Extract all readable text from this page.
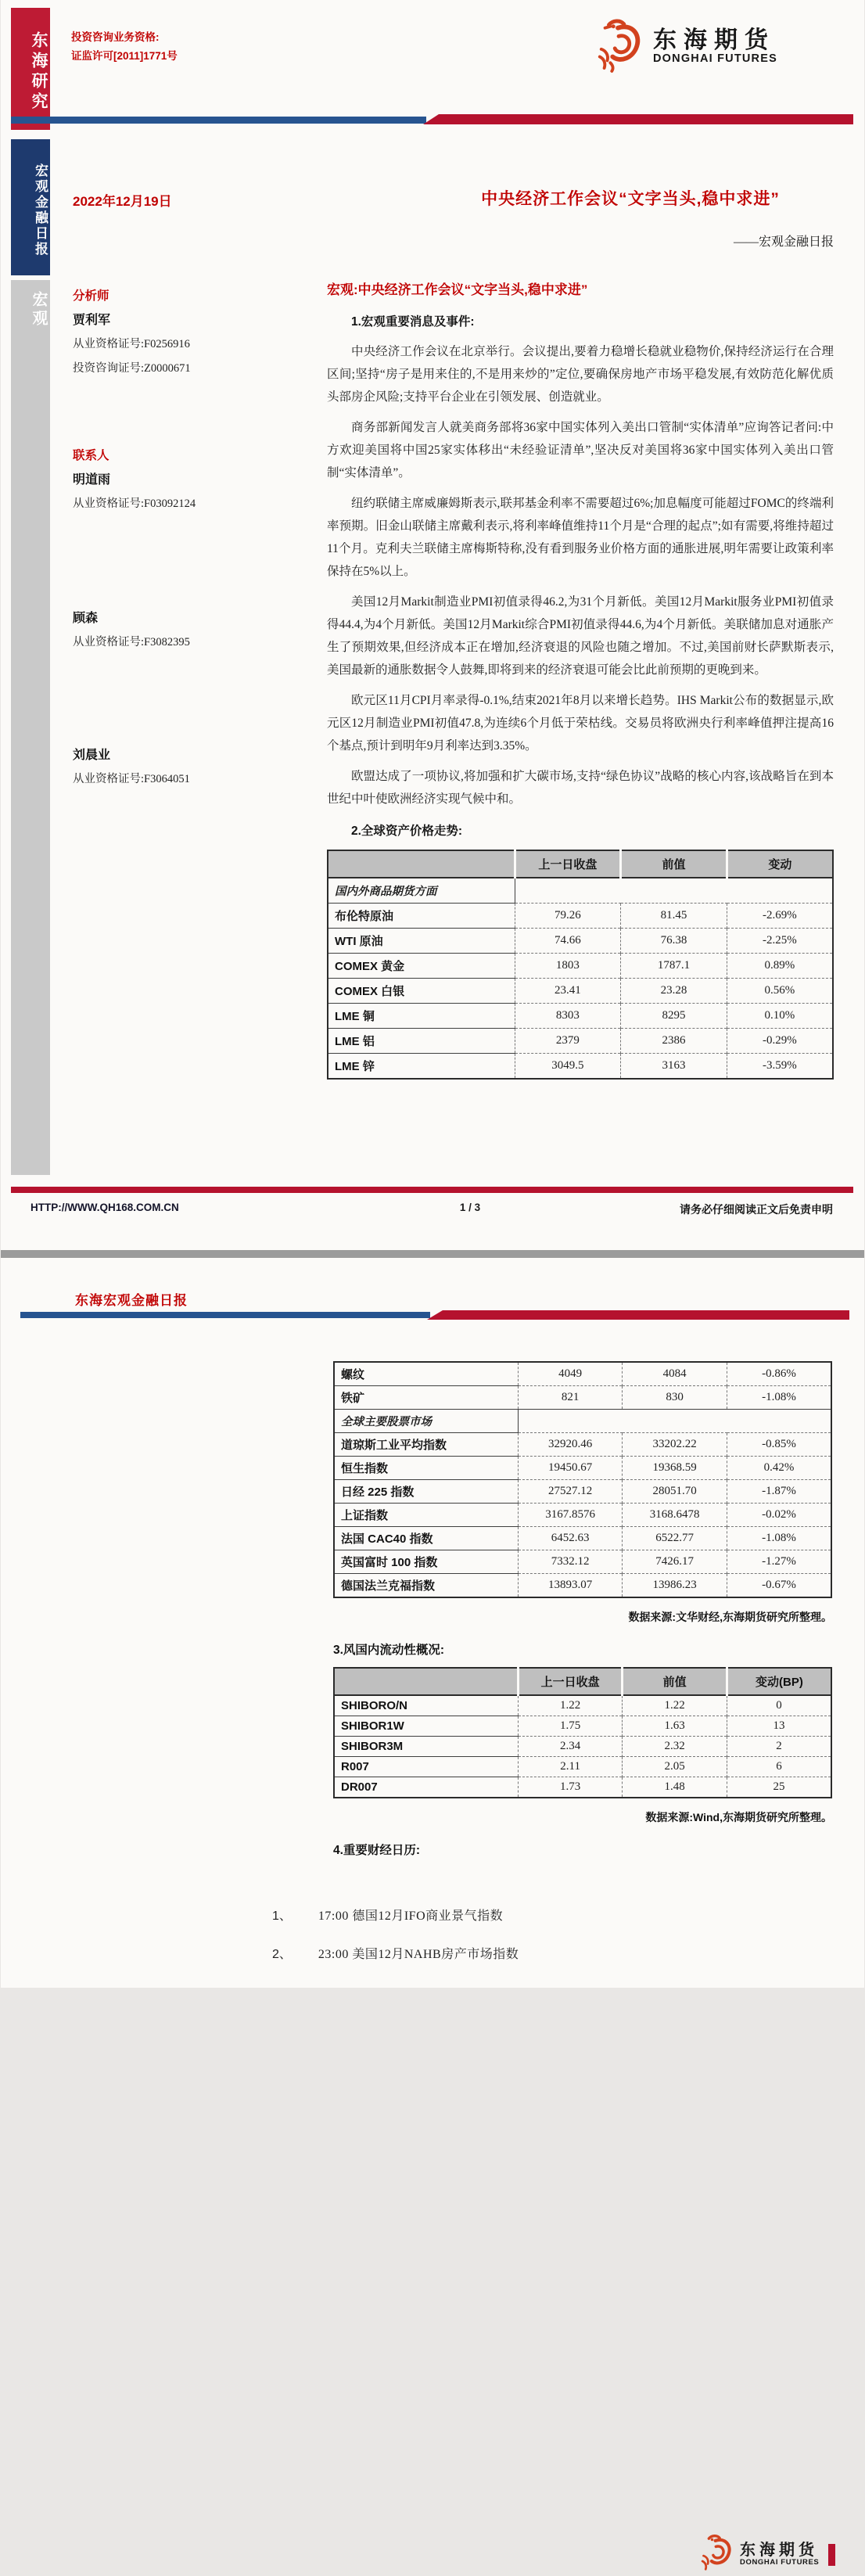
东海研究 投资咨询业务资格:
证监许可[2011]1771号
东海期货
DONGHAI FUTURES
宏观金融日报
宏观
2022年12月19日	中央经济工作会议“文字当头,稳中求进”
——宏观金融日报
分析师
贾利军
从业资格证号:F0256916
投资咨询证号:Z0000671
联系人
明道雨
从业资格证号:F03092124
顾森
从业资格证号:F3082395
刘晨业
从业资格证号:F3064051
宏观:中央经济工作会议“文字当头,稳中求进”
1.宏观重要消息及事件:

中央经济工作会议在北京举行。会议提出,要着力稳增长稳就业稳物价,保持经济运行在合理区间;坚持“房子是用来住的,不是用来炒的”定位,要确保房地产市场平稳发展,有效防范化解优质头部房企风险;支持平台企业在引领发展、创造就业。

商务部新闻发言人就美商务部将36家中国实体列入美出口管制“实体清单”应询答记者问:中方欢迎美国将中国25家实体移出“未经验证清单”,坚决反对美国将36家中国实体列入美出口管制“实体清单”。

纽约联储主席威廉姆斯表示,联邦基金利率不需要超过6%;加息幅度可能超过FOMC的终端利率预期。旧金山联储主席戴利表示,将利率峰值维持11个月是“合理的起点”;如有需要,将维持超过11个月。克利夫兰联储主席梅斯特称,没有看到服务业价格方面的通胀进展,明年需要让政策利率保持在5%以上。

美国12月Markit制造业PMI初值录得46.2,为31个月新低。美国12月Markit服务业PMI初值录得44.4,为4个月新低。美国12月Markit综合PMI初值录得44.6,为4个月新低。美联储加息对通胀产生了预期效果,但经济成本正在增加,经济衰退的风险也随之增加。不过,美国前财长萨默斯表示,美国最新的通胀数据令人鼓舞,即将到来的经济衰退可能会比此前预期的更晚到来。

欧元区11月CPI月率录得-0.1%,结束2021年8月以来增长趋势。IHS Markit公布的数据显示,欧元区12月制造业PMI初值47.8,为连续6个月低于荣枯线。交易员将欧洲央行利率峰值押注提高16个基点,预计到明年9月利率达到3.35%。

欧盟达成了一项协议,将加强和扩大碳市场,支持“绿色协议”战略的核心内容,该战略旨在到本世纪中叶使欧洲经济实现气候中和。

2.全球资产价格走势:
	上一日收盘	前值	变动
国内外商品期货方面			
布伦特原油	79.26	81.45	-2.69%
WTI 原油	74.66	76.38	-2.25%
COMEX 黄金	1803	1787.1	0.89%
COMEX 白银	23.41	23.28	0.56%
LME 铜	8303	8295	0.10%
LME 铝	2379	2386	-0.29%
LME 锌	3049.5	3163	-3.59%
HTTP://WWW.QH168.COM.CN	1 / 3	请务必仔细阅读正文后免责申明
东海宏观金融日报
东海期货
DONGHAI FUTURES
螺纹	4049	4084	-0.86%
铁矿	821	830	-1.08%
全球主要股票市场			
道琼斯工业平均指数	32920.46	33202.22	-0.85%
恒生指数	19450.67	19368.59	0.42%
日经 225 指数	27527.12	28051.70	-1.87%
上证指数	3167.8576	3168.6478	-0.02%
法国 CAC40 指数	6452.63	6522.77	-1.08%
英国富时 100 指数	7332.12	7426.17	-1.27%
德国法兰克福指数	13893.07	13986.23	-0.67%
数据来源:文华财经,东海期货研究所整理。
3.风国内流动性概况:
	上一日收盘	前值	变动(BP)
SHIBORO/N	1.22	1.22	0
SHIBOR1W	1.75	1.63	13
SHIBOR3M	2.34	2.32	2
R007	2.11	2.05	6
DR007	1.73	1.48	25
数据来源:Wind,东海期货研究所整理。
4.重要财经日历:
1、 17:00 德国12月IFO商业景气指数
2、 23:00 美国12月NAHB房产市场指数
